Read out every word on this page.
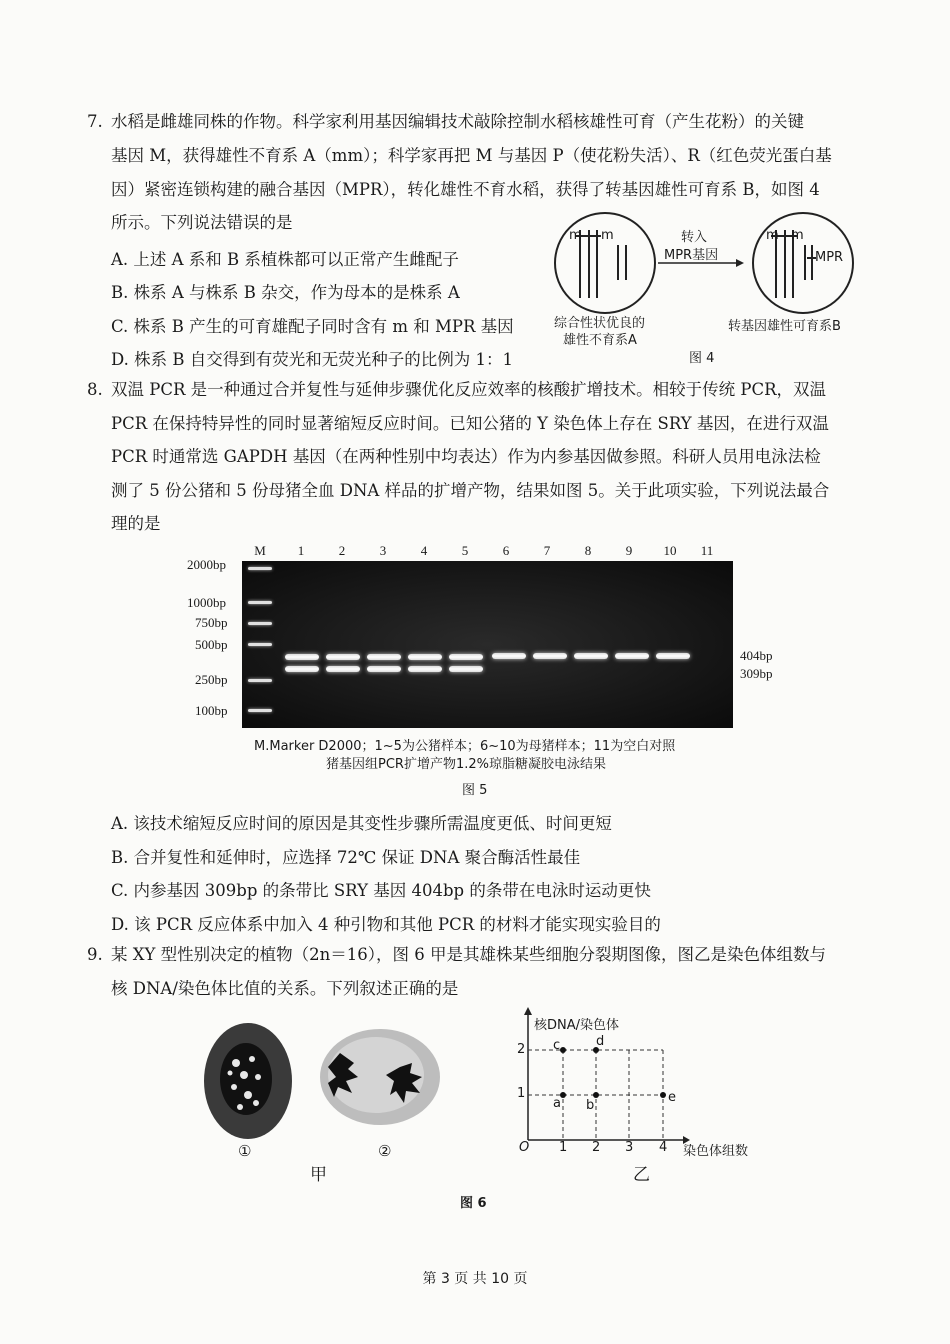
7. 水稻是雌雄同株的作物。科学家利用基因编辑技术敲除控制水稻核雄性可育（产生花粉）的关键
基因 M，获得雄性不育系 A（mm）；科学家再把 M 与基因 P（使花粉失活）、R（红色荧光蛋白基
因）紧密连锁构建的融合基因（MPR），转化雄性不育水稻，获得了转基因雄性可育系 B，如图 4
所示。下列说法错误的是
A. 上述 A 系和 B 系植株都可以正常产生雌配子
B. 株系 A 与株系 B 杂交，作为母本的是株系 A
C. 株系 B 产生的可育雄配子同时含有 m 和 MPR 基因
D. 株系 B 自交得到有荧光和无荧光种子的比例为 1：1
m m	m m
MPR
转入
MPR基因
综合性状优良的
雄性不育系A
转基因雄性可育系B
图 4
8. 双温 PCR 是一种通过合并复性与延伸步骤优化反应效率的核酸扩增技术。相较于传统 PCR，双温
PCR 在保持特异性的同时显著缩短反应时间。已知公猪的 Y 染色体上存在 SRY 基因，在进行双温
PCR 时通常选 GAPDH 基因（在两种性别中均表达）作为内参基因做参照。科研人员用电泳法检
测了 5 份公猪和 5 份母猪全血 DNA 样品的扩增产物，结果如图 5。关于此项实验，下列说法最合
理的是
M	1	2	3	4	5	6	7	8	9	10 11
2000bp
1000bp
750bp
500bp
250bp
100bp
404bp
309bp
M.Marker D2000；1~5为公猪样本；6~10为母猪样本；11为空白对照
猪基因组PCR扩增产物1.2%琼脂糖凝胶电泳结果
图 5
A. 该技术缩短反应时间的原因是其变性步骤所需温度更低、时间更短
B. 合并复性和延伸时，应选择 72℃ 保证 DNA 聚合酶活性最佳
C. 内参基因 309bp 的条带比 SRY 基因 404bp 的条带在电泳时运动更快
D. 该 PCR 反应体系中加入 4 种引物和其他 PCR 的材料才能实现实验目的
9. 某 XY 型性别决定的植物（2n＝16），图 6 甲是其雄株某些细胞分裂期图像，图乙是染色体组数与
核 DNA/染色体比值的关系。下列叙述正确的是
①	②
甲
核DNA/染色体
染色体组数
O 1 2 3 4
1
2
a b
c	d
e
乙
图 6
第 3 页 共 10 页
